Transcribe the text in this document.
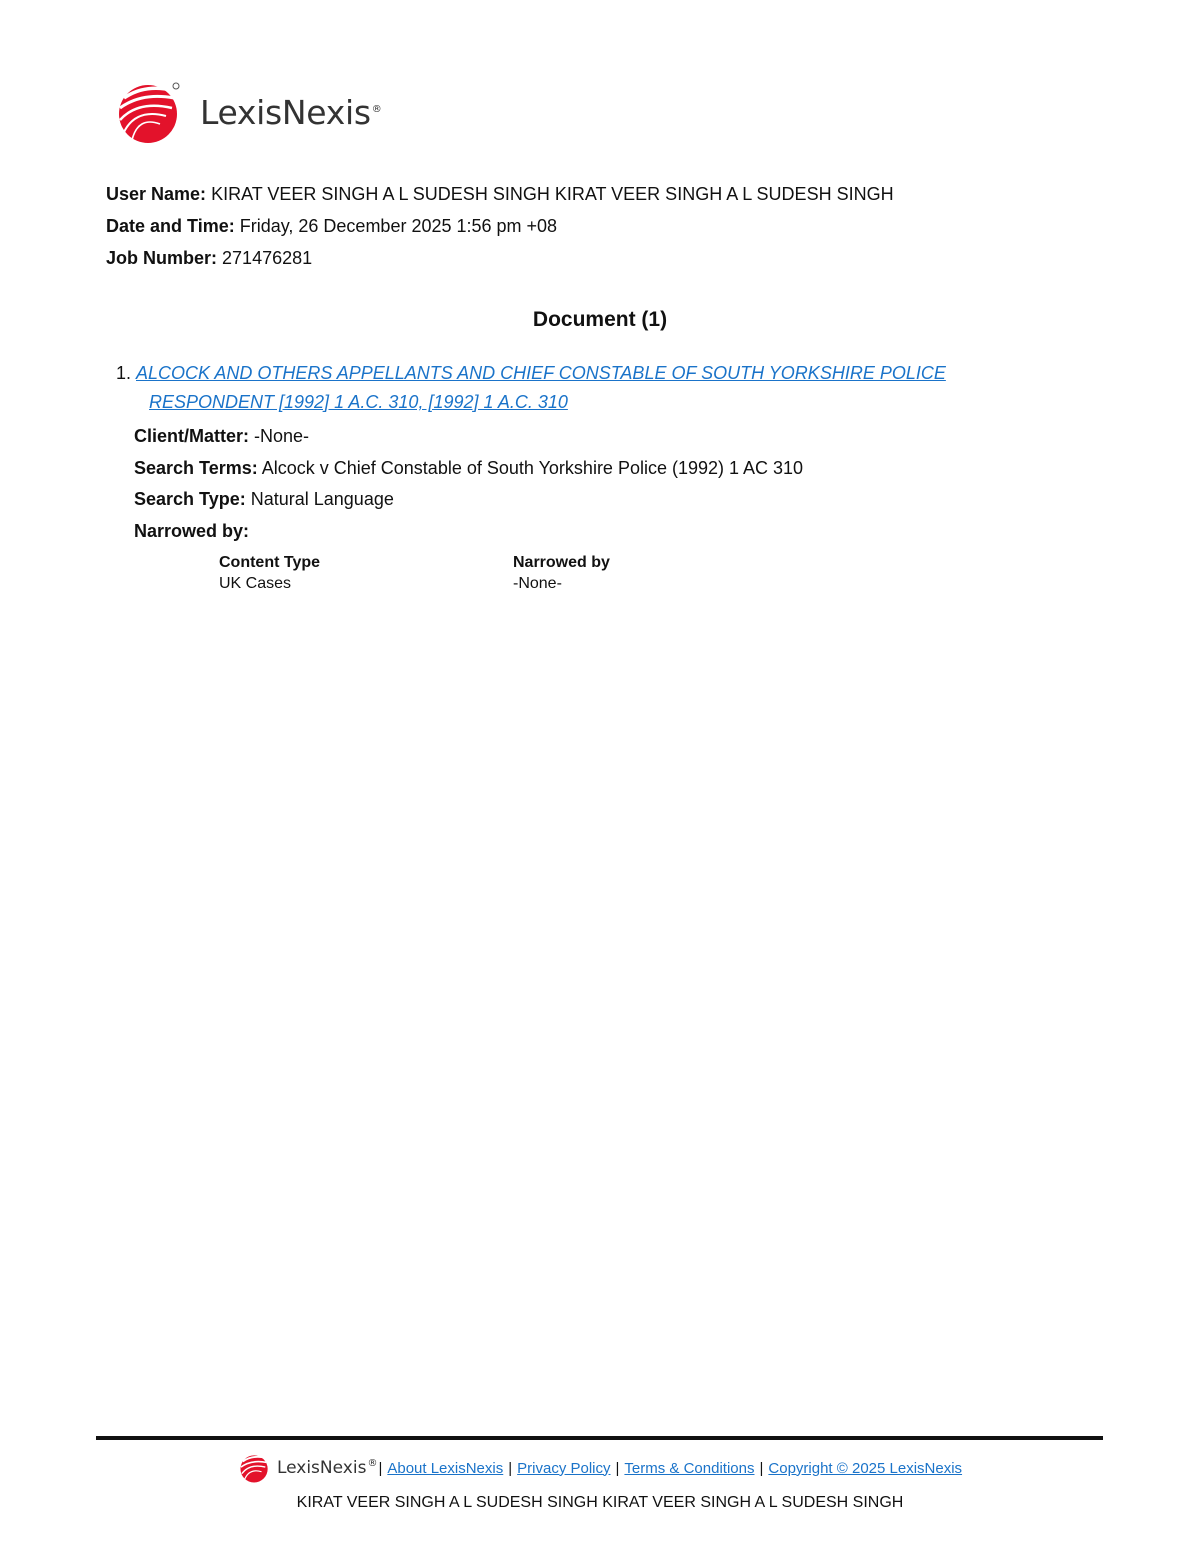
LexisNexis®
User Name: KIRAT VEER SINGH A L SUDESH SINGH KIRAT VEER SINGH A L SUDESH SINGH
Date and Time: Friday, 26 December 2025 1:56 pm +08
Job Number: 271476281
Document (1)
1. ALCOCK AND OTHERS APPELLANTS AND CHIEF CONSTABLE OF SOUTH YORKSHIRE POLICE
RESPONDENT [1992] 1 A.C. 310, [1992] 1 A.C. 310
Client/Matter: -None-
Search Terms: Alcock v Chief Constable of South Yorkshire Police (1992) 1 AC 310
Search Type: Natural Language
Narrowed by:
Content Type
UK Cases
Narrowed by
-None-
LexisNexis® | About LexisNexis | Privacy Policy | Terms & Conditions | Copyright © 2025 LexisNexis
KIRAT VEER SINGH A L SUDESH SINGH KIRAT VEER SINGH A L SUDESH SINGH
